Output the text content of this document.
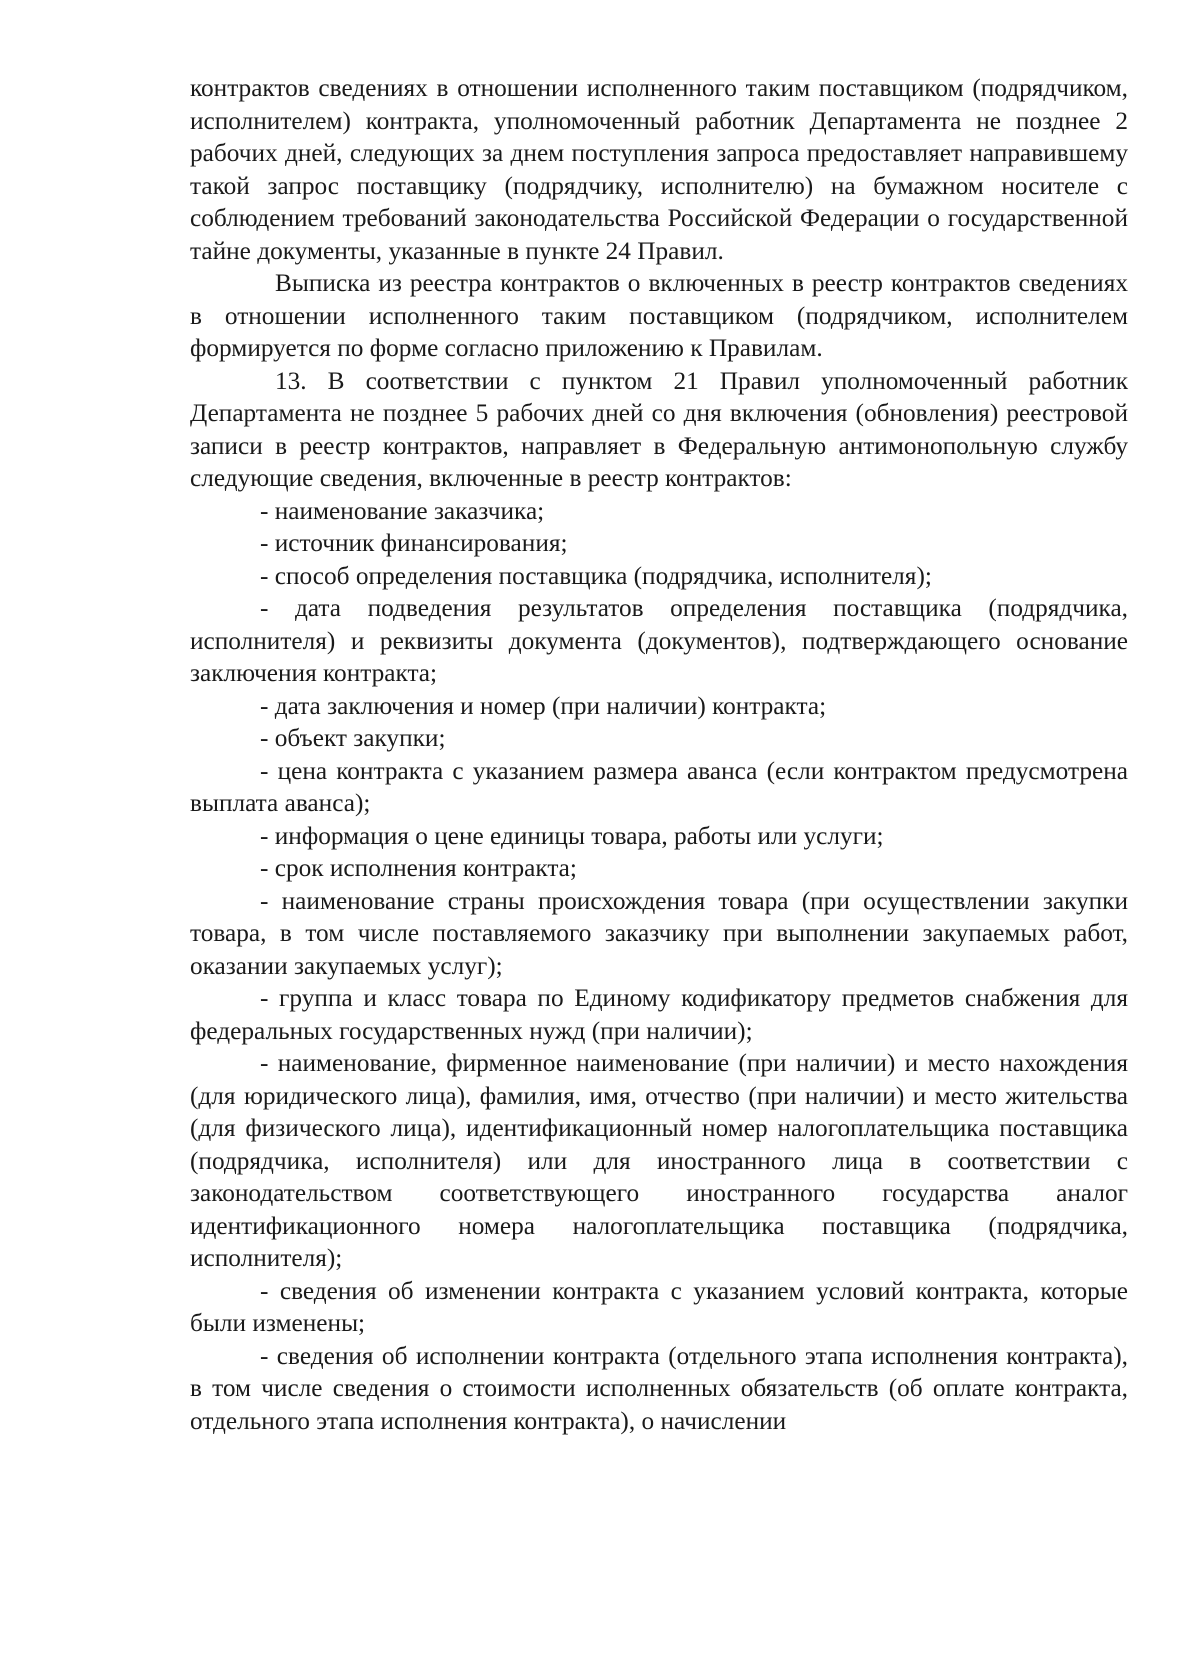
контрактов сведениях в отношении исполненного таким поставщиком (подрядчиком, исполнителем) контракта, уполномоченный работник Департамента не позднее 2 рабочих дней, следующих за днем поступления запроса предоставляет направившему такой запрос поставщику (подрядчику, исполнителю) на бумажном носителе с соблюдением требований законодательства Российской Федерации о государственной тайне документы, указанные в пункте 24 Правил.

Выписка из реестра контрактов о включенных в реестр контрактов сведениях в отношении исполненного таким поставщиком (подрядчиком, исполнителем формируется по форме согласно приложению к Правилам.

13. В соответствии с пунктом 21 Правил уполномоченный работник Департамента не позднее 5 рабочих дней со дня включения (обновления) реестровой записи в реестр контрактов, направляет в Федеральную антимонопольную службу следующие сведения, включенные в реестр контрактов:

- наименование заказчика;

- источник финансирования;

- способ определения поставщика (подрядчика, исполнителя);

- дата подведения результатов определения поставщика (подрядчика, исполнителя) и реквизиты документа (документов), подтверждающего основание заключения контракта;

- дата заключения и номер (при наличии) контракта;

- объект закупки;

- цена контракта с указанием размера аванса (если контрактом предусмотрена выплата аванса);

- информация о цене единицы товара, работы или услуги;

- срок исполнения контракта;

- наименование страны происхождения товара (при осуществлении закупки товара, в том числе поставляемого заказчику при выполнении закупаемых работ, оказании закупаемых услуг);

- группа и класс товара по Единому кодификатору предметов снабжения для федеральных государственных нужд (при наличии);

- наименование, фирменное наименование (при наличии) и место нахождения (для юридического лица), фамилия, имя, отчество (при наличии) и место жительства (для физического лица), идентификационный номер налогоплательщика поставщика (подрядчика, исполнителя) или для иностранного лица в соответствии с законодательством соответствующего иностранного государства аналог идентификационного номера налогоплательщика поставщика (подрядчика, исполнителя);

- сведения об изменении контракта с указанием условий контракта, которые были изменены;

- сведения об исполнении контракта (отдельного этапа исполнения контракта), в том числе сведения о стоимости исполненных обязательств (об оплате контракта, отдельного этапа исполнения контракта), о начислении
